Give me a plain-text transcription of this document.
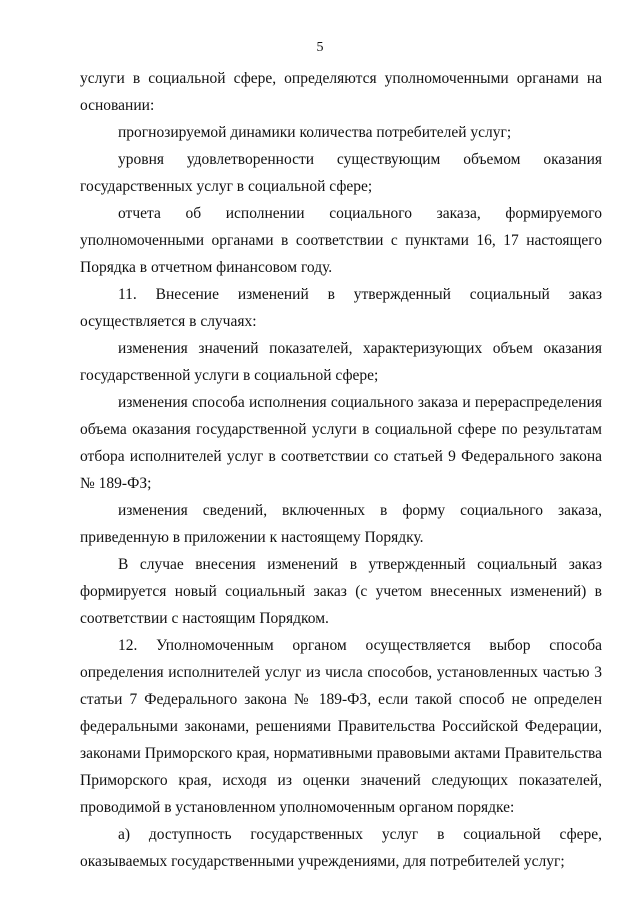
5

услуги в социальной сфере, определяются уполномоченными органами на основании:

прогнозируемой динамики количества потребителей услуг;

уровня удовлетворенности существующим объемом оказания государственных услуг в социальной сфере;

отчета об исполнении социального заказа, формируемого уполномоченными органами в соответствии с пунктами 16, 17 настоящего Порядка в отчетном финансовом году.

11. Внесение изменений в утвержденный социальный заказ осуществляется в случаях:

изменения значений показателей, характеризующих объем оказания государственной услуги в социальной сфере;

изменения способа исполнения социального заказа и перераспределения объема оказания государственной услуги в социальной сфере по результатам отбора исполнителей услуг в соответствии со статьей 9 Федерального закона № 189-ФЗ;

изменения сведений, включенных в форму социального заказа, приведенную в приложении к настоящему Порядку.

В случае внесения изменений в утвержденный социальный заказ формируется новый социальный заказ (с учетом внесенных изменений) в соответствии с настоящим Порядком.

12. Уполномоченным органом осуществляется выбор способа определения исполнителей услуг из числа способов, установленных частью 3 статьи 7 Федерального закона № 189-ФЗ, если такой способ не определен федеральными законами, решениями Правительства Российской Федерации, законами Приморского края, нормативными правовыми актами Правительства Приморского края, исходя из оценки значений следующих показателей, проводимой в установленном уполномоченным органом порядке:

а) доступность государственных услуг в социальной сфере, оказываемых государственными учреждениями, для потребителей услуг;
